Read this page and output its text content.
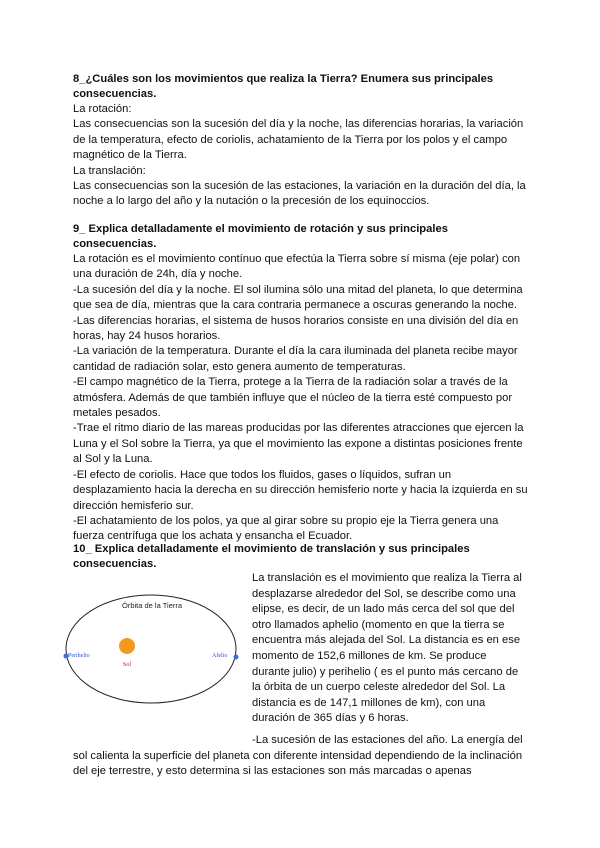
8_¿Cuáles son los movimientos que realiza la Tierra? Enumera sus principales consecuencias.

La rotación:

Las consecuencias son la sucesión del día y la noche, las diferencias horarias, la variación de la temperatura, efecto de coriolis, achatamiento de la Tierra por los polos y el campo magnético de la Tierra.

La translación:

Las consecuencias son la sucesión de las estaciones, la variación en la duración del día, la noche a lo largo del año y la nutación o la precesión de los equinoccios.

9_ Explica detalladamente el movimiento de rotación y sus principales consecuencias.

La rotación es el movimiento contínuo que efectúa la Tierra sobre sí misma (eje polar) con una duración de 24h, día y noche.

-La sucesión del día y la noche. El sol ilumina sólo una mitad del planeta, lo que determina que sea de día, mientras que la cara contraria permanece a oscuras generando la noche.

-Las diferencias horarias, el sistema de husos horarios consiste en una división del día en horas, hay 24 husos horarios.

-La variación de la temperatura. Durante el día la cara iluminada del planeta recibe mayor cantidad de radiación solar, esto genera aumento de temperaturas.

-El campo magnético de la Tierra, protege a la Tierra de la radiación solar a través de la atmósfera. Además de que también influye que el núcleo de la tierra esté compuesto por metales pesados.

-Trae el ritmo diario de las mareas producidas por las diferentes atracciones que ejercen la Luna y el Sol sobre la Tierra, ya que el movimiento las expone a distintas posiciones frente al Sol y la Luna.

-El efecto de coriolis. Hace que todos los fluidos, gases o líquidos, sufran un desplazamiento hacia la derecha en su dirección hemisferio norte y hacia la izquierda en su dirección hemisferio sur.

-El achatamiento de los polos, ya que al girar sobre su propio eje la Tierra genera una fuerza centrífuga que los achata y ensancha el Ecuador.

10_ Explica detalladamente el movimiento de translación y sus principales consecuencias.

Órbita de la Tierra
Sol
Perihelio	Afelio
La translación es el movimiento que realiza la Tierra al desplazarse alrededor del Sol, se describe como una elipse, es decir, de un lado más cerca del sol que del otro llamados aphelio (momento en que la tierra se encuentra más alejada del Sol. La distancia es en ese momento de 152,6 millones de km. Se produce durante julio) y perihelio ( es el punto más cercano de la órbita de un cuerpo celeste alrededor del Sol. La distancia es de 147,1 millones de km), con una duración de 365 días y 6 horas.
-La sucesión de las estaciones del año. La energía del sol calienta la superficie del planeta con diferente intensidad dependiendo de la inclinación del eje terrestre, y esto determina si las estaciones son más marcadas o apenas
